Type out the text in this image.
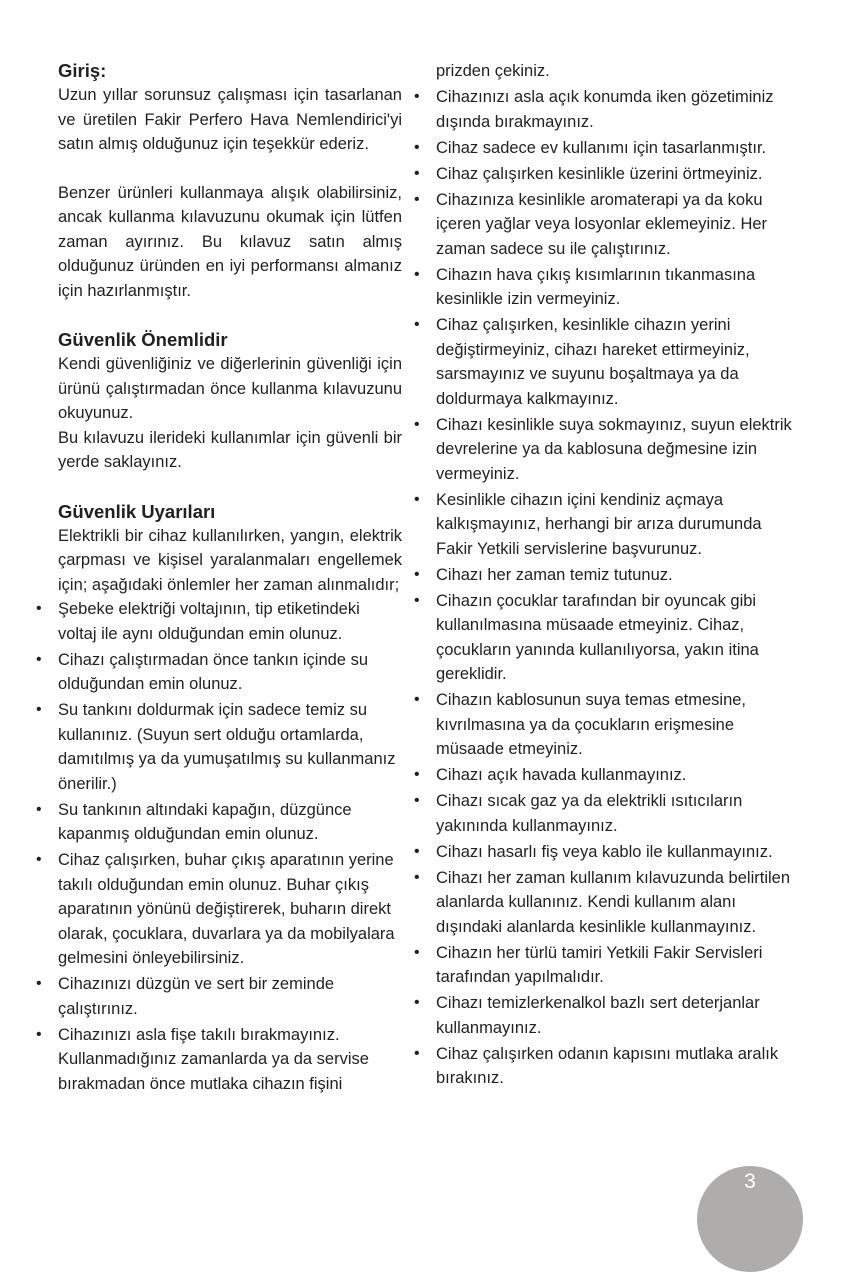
Giriş:

Uzun yıllar sorunsuz çalışması için tasarlanan ve üretilen Fakir Perfero Hava Nemlendirici'yi satın almış olduğunuz için teşekkür ederiz.

Benzer ürünleri kullanmaya alışık olabilirsiniz, ancak kullanma kılavuzunu okumak için lütfen zaman ayırınız. Bu kılavuz satın almış olduğunuz üründen en iyi performansı almanız için hazırlanmıştır.

Güvenlik Önemlidir

Kendi güvenliğiniz ve diğerlerinin güvenliği için ürünü çalıştırmadan önce kullanma kılavuzunu okuyunuz.

Bu kılavuzu ilerideki kullanımlar için güvenli bir yerde saklayınız.

Güvenlik Uyarıları

Elektrikli bir cihaz kullanılırken, yangın, elektrik çarpması ve kişisel yaralanmaları engellemek için; aşağıdaki önlemler her zaman alınmalıdır;

• Şebeke elektriği voltajının, tip etiketindeki voltaj ile aynı olduğundan emin olunuz.
• Cihazı çalıştırmadan önce tankın içinde su olduğundan emin olunuz.
• Su tankını doldurmak için sadece temiz su kullanınız. (Suyun sert olduğu ortamlarda, damıtılmış ya da yumuşatılmış su kullanmanız önerilir.)
• Su tankının altındaki kapağın, düzgünce kapanmış olduğundan emin olunuz.
• Cihaz çalışırken, buhar çıkış aparatının yerine takılı olduğundan emin olunuz. Buhar çıkış aparatının yönünü değiştirerek, buharın direkt olarak, çocuklara, duvarlara ya da mobilyalara gelmesini önleyebilirsiniz.
• Cihazınızı düzgün ve sert bir zeminde çalıştırınız.
• Cihazınızı asla fişe takılı bırakmayınız. Kullanmadığınız zamanlarda ya da servise bırakmadan önce mutlaka cihazın fişini
prizden çekiniz.
• Cihazınızı asla açık konumda iken gözetiminiz dışında bırakmayınız.
• Cihaz sadece ev kullanımı için tasarlanmıştır.
• Cihaz çalışırken kesinlikle üzerini örtmeyiniz.
• Cihazınıza kesinlikle aromaterapi ya da koku içeren yağlar veya losyonlar eklemeyiniz. Her zaman sadece su ile çalıştırınız.
• Cihazın hava çıkış kısımlarının tıkanmasına kesinlikle izin vermeyiniz.
• Cihaz çalışırken, kesinlikle cihazın yerini değiştirmeyiniz, cihazı hareket ettirmeyiniz, sarsmayınız ve suyunu boşaltmaya ya da doldurmaya kalkmayınız.
• Cihazı kesinlikle suya sokmayınız, suyun elektrik devrelerine ya da kablosuna değmesine izin vermeyiniz.
• Kesinlikle cihazın içini kendiniz açmaya kalkışmayınız, herhangi bir arıza durumunda Fakir Yetkili servislerine başvurunuz.
• Cihazı her zaman temiz tutunuz.
• Cihazın çocuklar tarafından bir oyuncak gibi kullanılmasına müsaade etmeyiniz. Cihaz, çocukların yanında kullanılıyorsa, yakın itina gereklidir.
• Cihazın kablosunun suya temas etmesine, kıvrılmasına ya da çocukların erişmesine müsaade etmeyiniz.
• Cihazı açık havada kullanmayınız.
• Cihazı sıcak gaz ya da elektrikli ısıtıcıların yakınında kullanmayınız.
• Cihazı hasarlı fiş veya kablo ile kullanmayınız.
• Cihazı her zaman kullanım kılavuzunda belirtilen alanlarda kullanınız. Kendi kullanım alanı dışındaki alanlarda kesinlikle kullanmayınız.
• Cihazın her türlü tamiri Yetkili Fakir Servisleri tarafından yapılmalıdır.
• Cihazı temizlerkenalkol bazlı sert deterjanlar kullanmayınız.
• Cihaz çalışırken odanın kapısını mutlaka aralık bırakınız.
3
